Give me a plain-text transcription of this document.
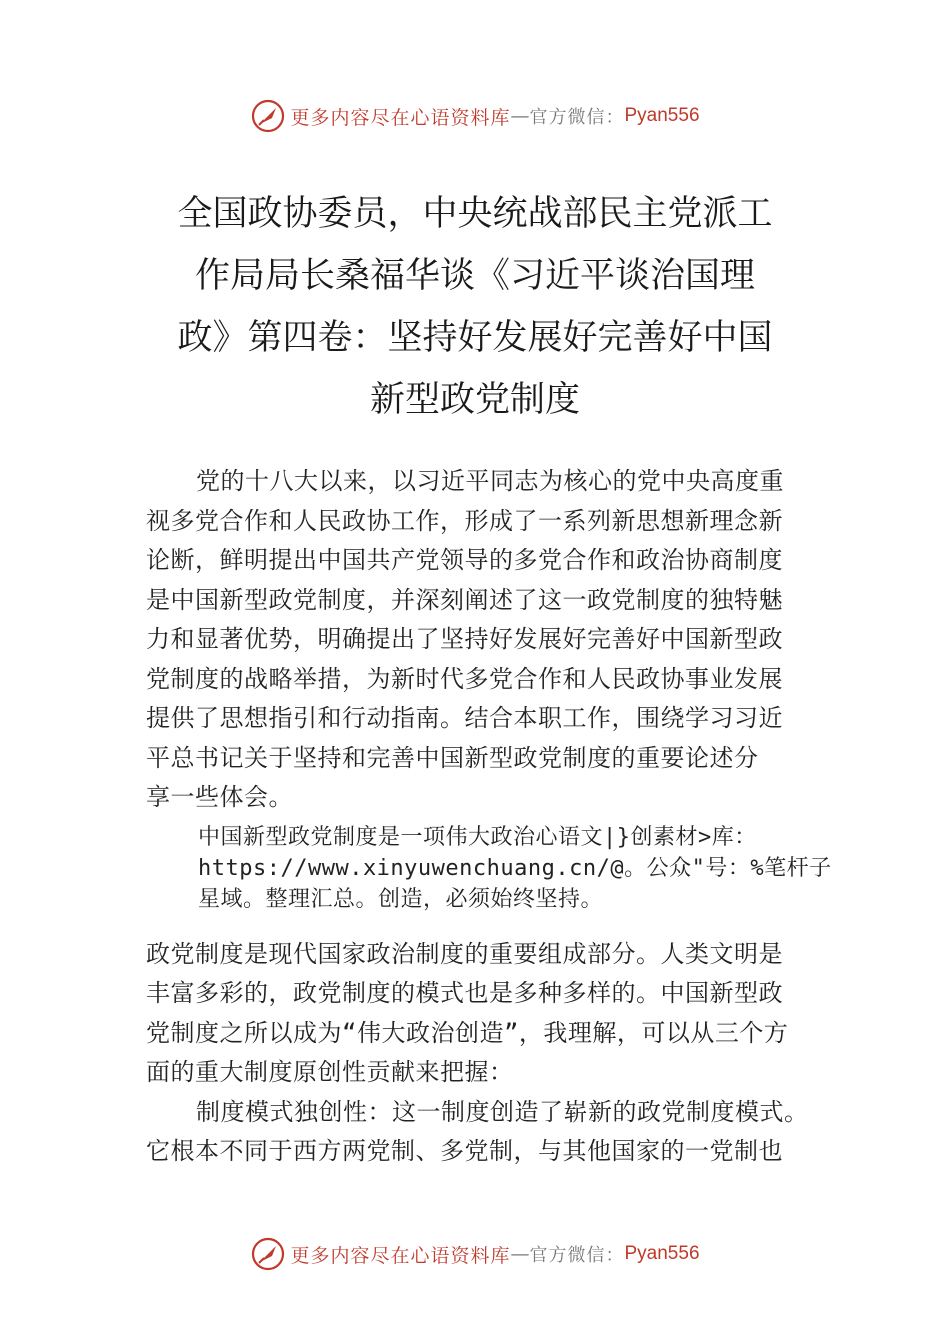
更多内容尽在心语资料库 — 官方微信： Pyan556
全国政协委员，中央统战部民主党派工
作局局长桑福华谈《习近平谈治国理
政》第四卷：坚持好发展好完善好中国
新型政党制度

党的十八大以来，以习近平同志为核心的党中央高度重
视多党合作和人民政协工作，形成了一系列新思想新理念新
论断，鲜明提出中国共产党领导的多党合作和政治协商制度
是中国新型政党制度，并深刻阐述了这一政党制度的独特魅
力和显著优势，明确提出了坚持好发展好完善好中国新型政
党制度的战略举措，为新时代多党合作和人民政协事业发展
提供了思想指引和行动指南。结合本职工作，围绕学习习近
平总书记关于坚持和完善中国新型政党制度的重要论述分
享一些体会。

中国新型政党制度是一项伟大政治心语文|}创素材>库：
https://www.xinyuwenchuang.cn/@。公众"号：%笔杆子
星域。整理汇总。创造，必须始终坚持。

政党制度是现代国家政治制度的重要组成部分。人类文明是
丰富多彩的，政党制度的模式也是多种多样的。中国新型政
党制度之所以成为“伟大政治创造”，我理解，可以从三个方
面的重大制度原创性贡献来把握：

制度模式独创性：这一制度创造了崭新的政党制度模式。
它根本不同于西方两党制、多党制，与其他国家的一党制也

更多内容尽在心语资料库 — 官方微信： Pyan556
